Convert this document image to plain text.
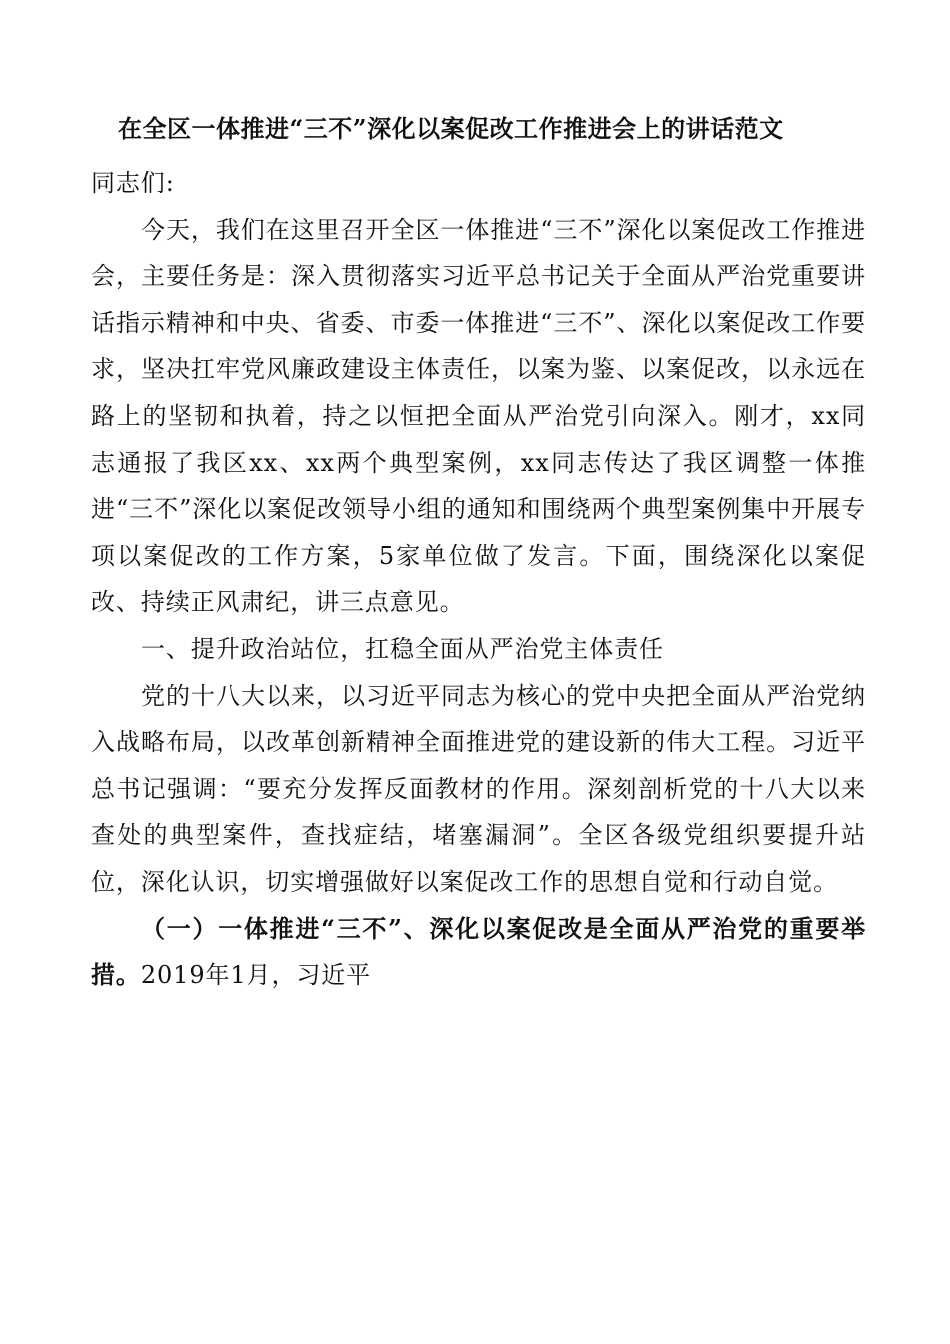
在全区一体推进“三不”深化以案促改工作推进会上的讲话范文

同志们:

今天，我们在这里召开全区一体推进“三不”深化以案促改工作推进会，主要任务是：深入贯彻落实习近平总书记关于全面从严治党重要讲话指示精神和中央、省委、市委一体推进“三不”、深化以案促改工作要求，坚决扛牢党风廉政建设主体责任，以案为鉴、以案促改，以永远在路上的坚韧和执着，持之以恒把全面从严治党引向深入。刚才，xx同志通报了我区xx、xx两个典型案例，xx同志传达了我区调整一体推进“三不”深化以案促改领导小组的通知和围绕两个典型案例集中开展专项以案促改的工作方案，5家单位做了发言。下面，围绕深化以案促改、持续正风肃纪，讲三点意见。

一、提升政治站位，扛稳全面从严治党主体责任

党的十八大以来，以习近平同志为核心的党中央把全面从严治党纳入战略布局，以改革创新精神全面推进党的建设新的伟大工程。习近平总书记强调：“要充分发挥反面教材的作用。深刻剖析党的十八大以来查处的典型案件，查找症结，堵塞漏洞”。全区各级党组织要提升站位，深化认识，切实增强做好以案促改工作的思想自觉和行动自觉。

（一）一体推进“三不”、深化以案促改是全面从严治党的重要举措。2019年1月，习近平
